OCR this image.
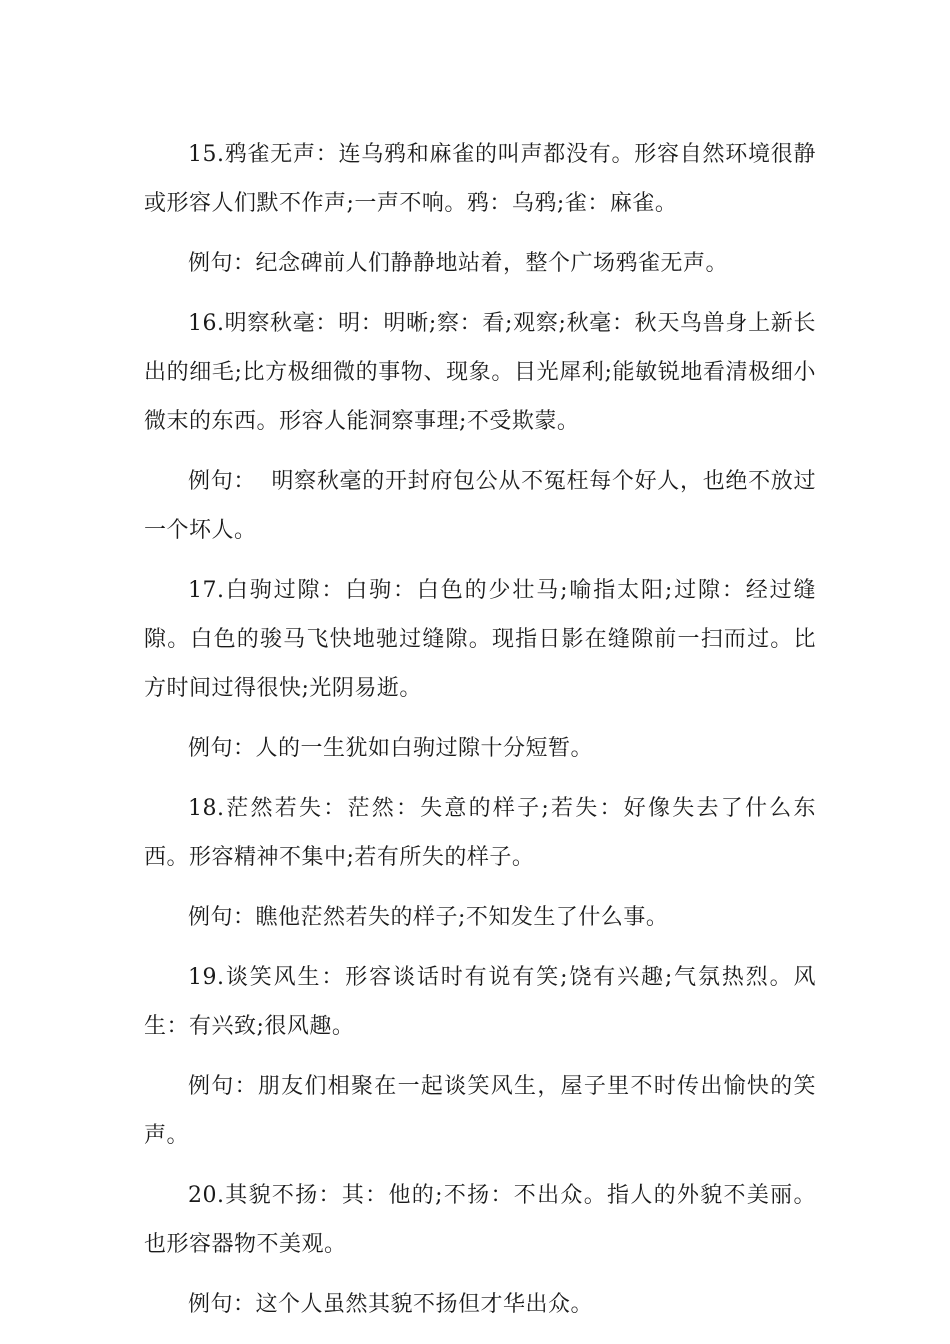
15.鸦雀无声：连乌鸦和麻雀的叫声都没有。形容自然环境很静或形容人们默不作声;一声不响。鸦：乌鸦;雀：麻雀。

例句：纪念碑前人们静静地站着，整个广场鸦雀无声。

16.明察秋毫：明：明晰;察：看;观察;秋毫：秋天鸟兽身上新长出的细毛;比方极细微的事物、现象。目光犀利;能敏锐地看清极细小微末的东西。形容人能洞察事理;不受欺蒙。

例句：  明察秋毫的开封府包公从不冤枉每个好人，也绝不放过一个坏人。

17.白驹过隙：白驹：白色的少壮马;喻指太阳;过隙：经过缝隙。白色的骏马飞快地驰过缝隙。现指日影在缝隙前一扫而过。比方时间过得很快;光阴易逝。

例句：人的一生犹如白驹过隙十分短暂。

18.茫然若失：茫然：失意的样子;若失：好像失去了什么东西。形容精神不集中;若有所失的样子。

例句：瞧他茫然若失的样子;不知发生了什么事。

19.谈笑风生：形容谈话时有说有笑;饶有兴趣;气氛热烈。风生：有兴致;很风趣。

例句：朋友们相聚在一起谈笑风生，屋子里不时传出愉快的笑声。

20.其貌不扬：其：他的;不扬：不出众。指人的外貌不美丽。也形容器物不美观。

例句：这个人虽然其貌不扬但才华出众。
